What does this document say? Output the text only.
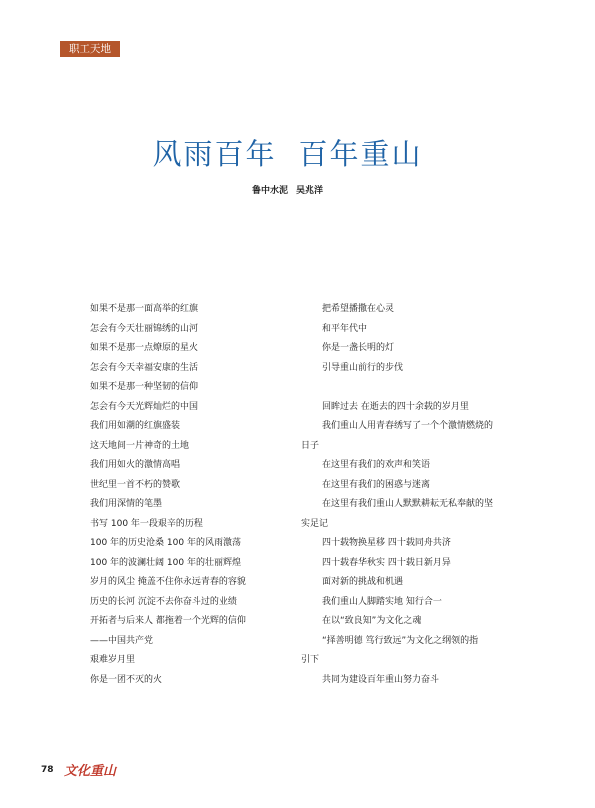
职工天地
风雨百年 百年重山
鲁中水泥 吴兆洋
如果不是那一面高举的红旗
怎会有今天壮丽锦绣的山河
如果不是那一点燎原的星火
怎会有今天幸福安康的生活
如果不是那一种坚韧的信仰
怎会有今天光辉灿烂的中国
我们用如潮的红旗盛装
这天地间一片神奇的土地
我们用如火的激情高唱
世纪里一首不朽的赞歌
我们用深情的笔墨
书写 100 年一段艰辛的历程
100 年的历史沧桑 100 年的风雨激荡
100 年的波澜壮阔 100 年的壮丽辉煌
岁月的风尘 掩盖不住你永远青春的容貌
历史的长河 沉淀不去你奋斗过的业绩
开拓者与后来人 都拖着一个光辉的信仰
——中国共产党
艰难岁月里
你是一团不灭的火
把希望播撒在心灵
和平年代中
你是一盏长明的灯
引导重山前行的步伐
回眸过去 在逝去的四十余载的岁月里
我们重山人用青春绣写了一个个激情燃烧的
日子
在这里有我们的欢声和笑语
在这里有我们的困惑与迷离
在这里有我们重山人默默耕耘无私奉献的坚
实足记
四十载物换星移 四十载同舟共济
四十载春华秋实 四十载日新月异
面对新的挑战和机遇
我们重山人脚踏实地 知行合一
在以“致良知”为文化之魂
“择善明德 笃行致远”为文化之纲领的指
引下
共同为建设百年重山努力奋斗
78 文化重山
